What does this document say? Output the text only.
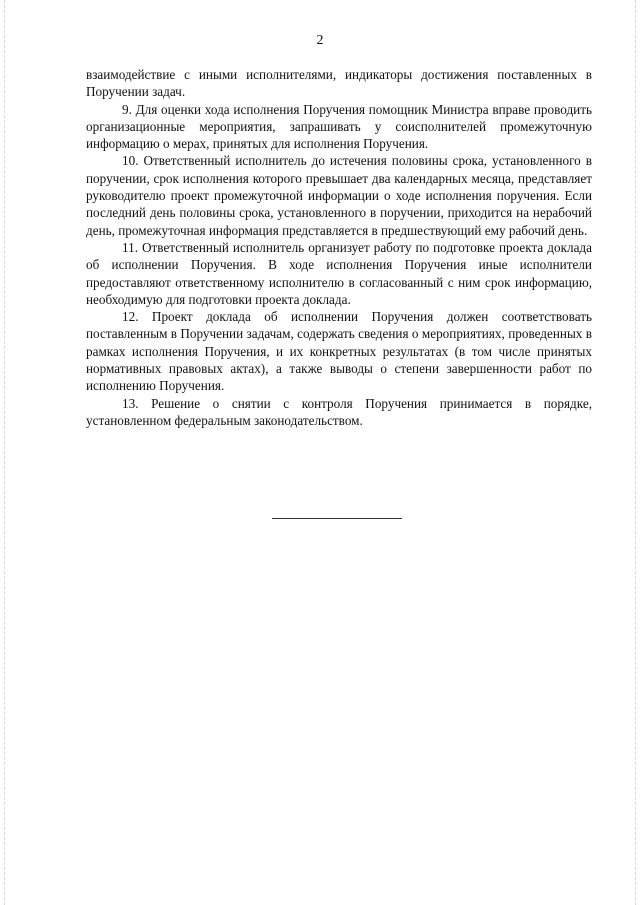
2

взаимодействие с иными исполнителями, индикаторы достижения поставленных в Поручении задач.

9. Для оценки хода исполнения Поручения помощник Министра вправе проводить организационные мероприятия, запрашивать у соисполнителей промежуточную информацию о мерах, принятых для исполнения Поручения.

10. Ответственный исполнитель до истечения половины срока, установленного в поручении, срок исполнения которого превышает два календарных месяца, представляет руководителю проект промежуточной информации о ходе исполнения поручения. Если последний день половины срока, установленного в поручении, приходится на нерабочий день, промежуточная информация представляется в предшествующий ему рабочий день.

11. Ответственный исполнитель организует работу по подготовке проекта доклада об исполнении Поручения. В ходе исполнения Поручения иные исполнители предоставляют ответственному исполнителю в согласованный с ним срок информацию, необходимую для подготовки проекта доклада.

12. Проект доклада об исполнении Поручения должен соответствовать поставленным в Поручении задачам, содержать сведения о мероприятиях, проведенных в рамках исполнения Поручения, и их конкретных результатах (в том числе принятых нормативных правовых актах), а также выводы о степени завершенности работ по исполнению Поручения.

13. Решение о снятии с контроля Поручения принимается в порядке, установленном федеральным законодательством.
